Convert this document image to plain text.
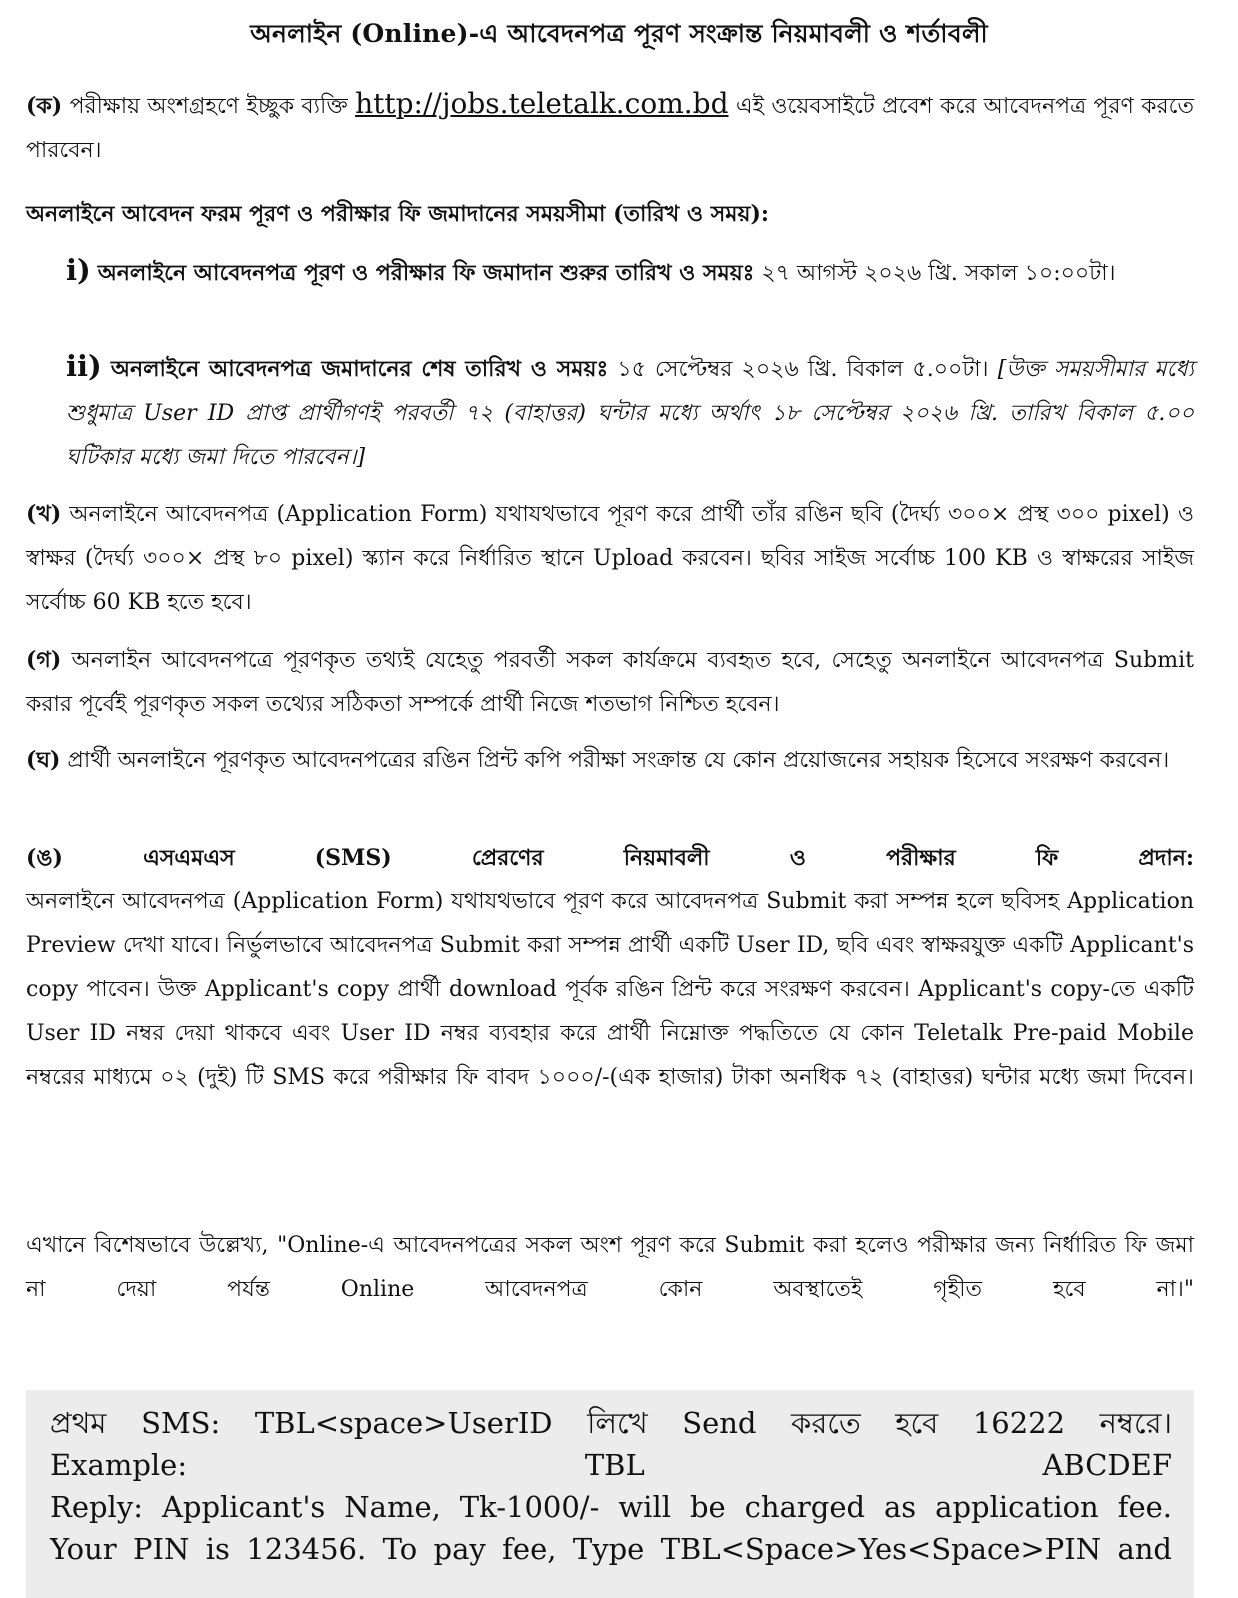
অনলাইন (Online)-এ আবেদনপত্র পূরণ সংক্রান্ত নিয়মাবলী ও শর্তাবলী
(ক) পরীক্ষায় অংশগ্রহণে ইচ্ছুক ব্যক্তি http://jobs.teletalk.com.bd এই ওয়েবসাইটে প্রবেশ করে আবেদনপত্র পূরণ করতে পারবেন।
অনলাইনে আবেদন ফরম পূরণ ও পরীক্ষার ফি জমাদানের সময়সীমা (তারিখ ও সময়):
i) অনলাইনে আবেদনপত্র পূরণ ও পরীক্ষার ফি জমাদান শুরুর তারিখ ও সময়ঃ ২৭ আগস্ট ২০২৬ খ্রি. সকাল ১০:০০টা।
ii) অনলাইনে আবেদনপত্র জমাদানের শেষ তারিখ ও সময়ঃ ১৫ সেপ্টেম্বর ২০২৬ খ্রি. বিকাল ৫.০০টা। [উক্ত সময়সীমার মধ্যে শুধুমাত্র User ID প্রাপ্ত প্রার্থীগণই পরবর্তী ৭২ (বাহাত্তর) ঘন্টার মধ্যে অর্থাৎ ১৮ সেপ্টেম্বর ২০২৬ খ্রি. তারিখ বিকাল ৫.০০ ঘটিকার মধ্যে জমা দিতে পারবেন।]
(খ) অনলাইনে আবেদনপত্র (Application Form) যথাযথভাবে পূরণ করে প্রার্থী তাঁর রঙিন ছবি (দৈর্ঘ্য ৩০০× প্রস্থ ৩০০ pixel) ও স্বাক্ষর (দৈর্ঘ্য ৩০০× প্রস্থ ৮০ pixel) স্ক্যান করে নির্ধারিত স্থানে Upload করবেন। ছবির সাইজ সর্বোচ্চ 100 KB ও স্বাক্ষরের সাইজ সর্বোচ্চ 60 KB হতে হবে।
(গ) অনলাইন আবেদনপত্রে পূরণকৃত তথ্যই যেহেতু পরবর্তী সকল কার্যক্রমে ব্যবহৃত হবে, সেহেতু অনলাইনে আবেদনপত্র Submit করার পূর্বেই পূরণকৃত সকল তথ্যের সঠিকতা সম্পর্কে প্রার্থী নিজে শতভাগ নিশ্চিত হবেন।
(ঘ) প্রার্থী অনলাইনে পূরণকৃত আবেদনপত্রের রঙিন প্রিন্ট কপি পরীক্ষা সংক্রান্ত যে কোন প্রয়োজনের সহায়ক হিসেবে সংরক্ষণ করবেন।
(ঙ)	এসএমএস (SMS) প্রেরণের নিয়মাবলী ও পরীক্ষার ফি প্রদান:
অনলাইনে আবেদনপত্র (Application Form) যথাযথভাবে পূরণ করে আবেদনপত্র Submit করা সম্পন্ন হলে ছবিসহ Application Preview দেখা যাবে। নির্ভুলভাবে আবেদনপত্র Submit করা সম্পন্ন প্রার্থী একটি User ID, ছবি এবং স্বাক্ষরযুক্ত একটি Applicant's copy পাবেন। উক্ত Applicant's copy প্রার্থী download পূর্বক রঙিন প্রিন্ট করে সংরক্ষণ করবেন। Applicant's copy-তে একটি User ID নম্বর দেয়া থাকবে এবং User ID নম্বর ব্যবহার করে প্রার্থী নিম্নোক্ত পদ্ধতিতে যে কোন Teletalk Pre-paid Mobile নম্বরের মাধ্যমে ০২ (দুই) টি SMS করে পরীক্ষার ফি বাবদ ১০০০/-(এক হাজার) টাকা অনধিক ৭২ (বাহাত্তর) ঘন্টার মধ্যে জমা দিবেন।
এখানে বিশেষভাবে উল্লেখ্য, "Online-এ আবেদনপত্রের সকল অংশ পূরণ করে Submit করা হলেও পরীক্ষার জন্য নির্ধারিত ফি জমা না দেয়া পর্যন্ত Online আবেদনপত্র কোন অবস্থাতেই গৃহীত হবে না।"
প্রথম SMS: TBL<space>UserID লিখে Send করতে হবে 16222 নম্বরে।
Example:	TBL	ABCDEF
Reply: Applicant's Name, Tk-1000/- will be charged as application fee.
Your PIN is 123456. To pay fee, Type TBL<Space>Yes<Space>PIN and
